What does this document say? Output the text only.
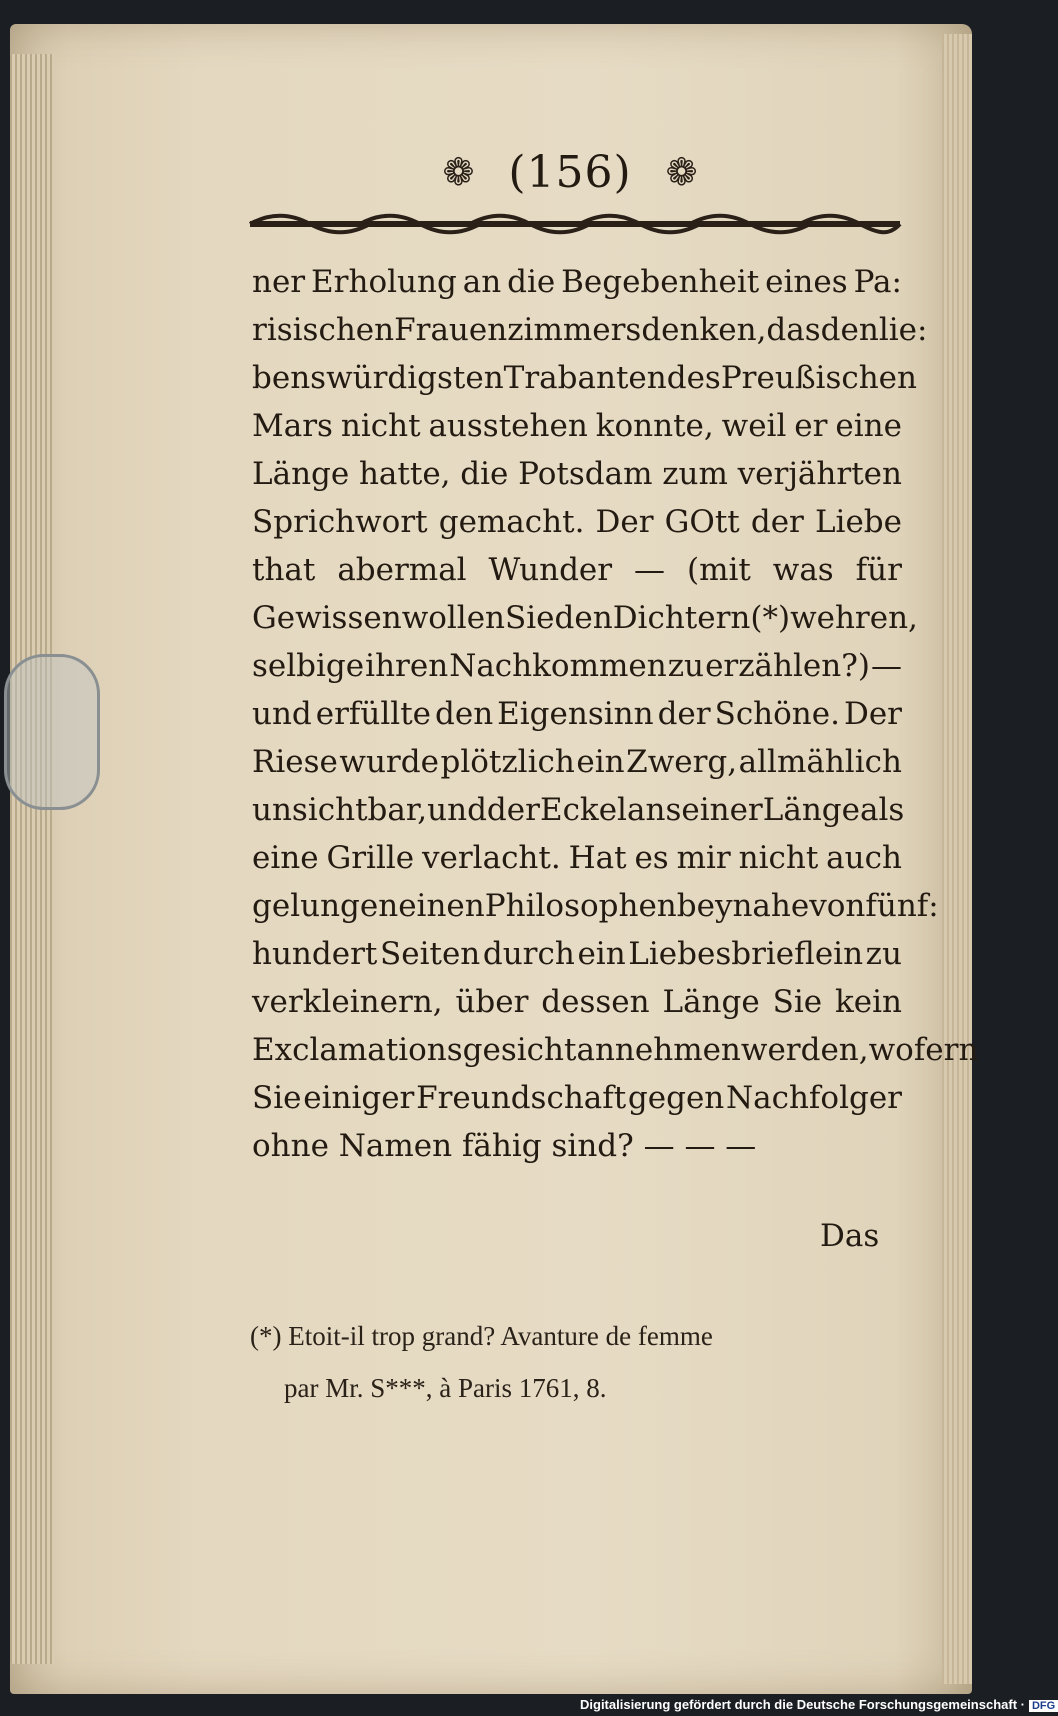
❁ (156) ❁
ner Erholung an die Begebenheit eines Pa:
risischen Frauenzimmers denken, das den lie:
benswürdigsten Trabanten des Preußischen
Mars nicht ausstehen konnte, weil er eine
Länge hatte, die Potsdam zum verjährten
Sprichwort gemacht. Der GOtt der Liebe
that abermal Wunder — (mit was für
Gewissen wollen Sie den Dichtern (*) wehren,
selbige ihren Nachkommen zu erzählen?) —
und erfüllte den Eigensinn der Schöne. Der
Riese wurde plötzlich ein Zwerg, allmählich
unsichtbar, und der Eckel an seiner Länge als
eine Grille verlacht. Hat es mir nicht auch
gelungen einen Philosophen beynahe von fünf:
hundert Seiten durch ein Liebesbrieflein zu
verkleinern, über dessen Länge Sie kein
Exclamationsgesicht annehmen werden,wofern
Sie einiger Freundschaft gegen Nachfolger
ohne Namen fähig sind? — — —
Das
(*) Etoit-il trop grand? Avanture de femme
par Mr. S***, à Paris 1761, 8.
Digitalisierung gefördert durch die Deutsche Forschungsgemeinschaft · DFG
